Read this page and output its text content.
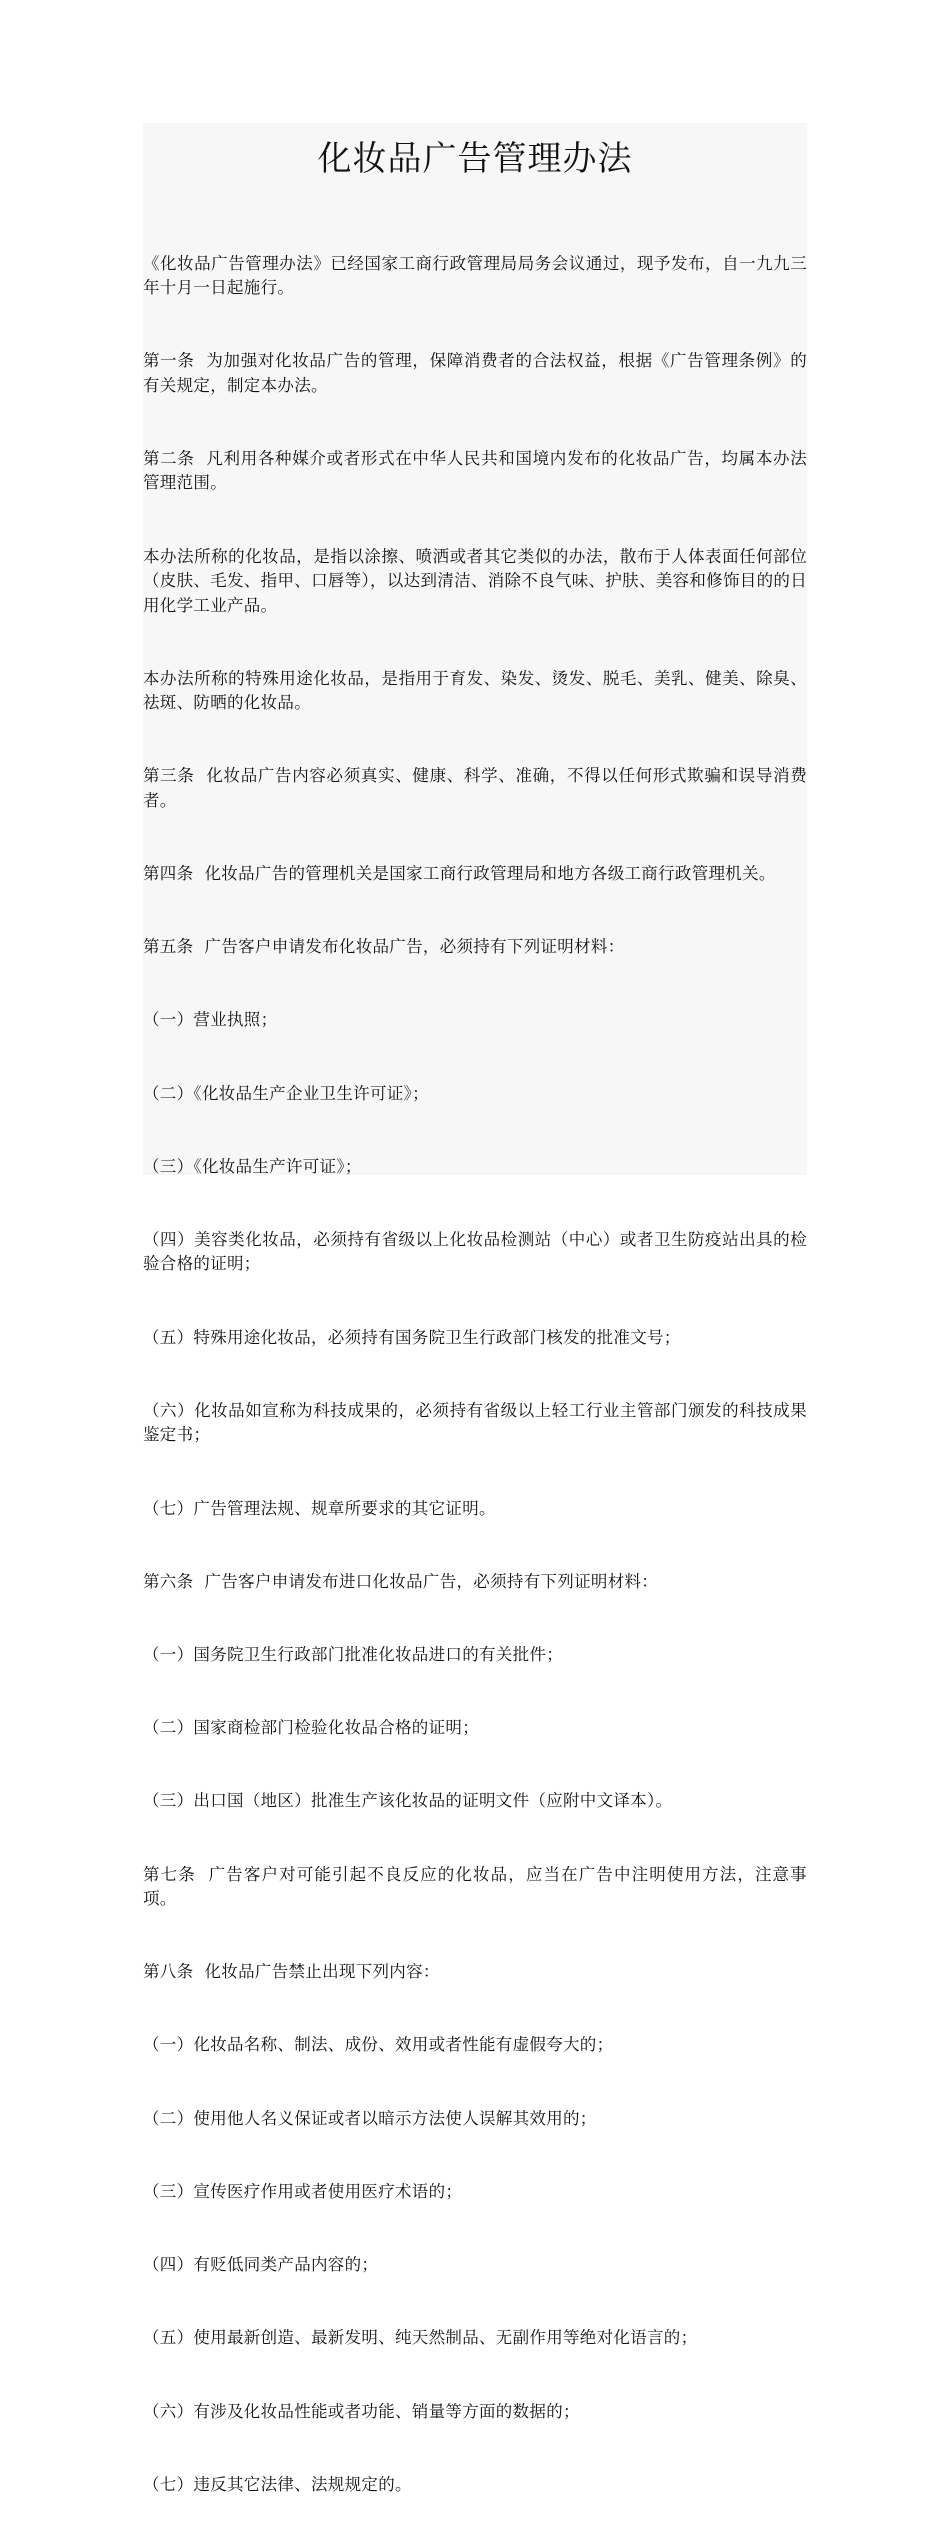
化妆品广告管理办法

《化妆品广告管理办法》已经国家工商行政管理局局务会议通过，现予发布，自一九九三年十月一日起施行。

第一条  为加强对化妆品广告的管理，保障消费者的合法权益，根据《广告管理条例》的有关规定，制定本办法。

第二条  凡利用各种媒介或者形式在中华人民共和国境内发布的化妆品广告，均属本办法管理范围。

本办法所称的化妆品，是指以涂擦、喷洒或者其它类似的办法，散布于人体表面任何部位（皮肤、毛发、指甲、口唇等），以达到清洁、消除不良气味、护肤、美容和修饰目的的日用化学工业产品。

本办法所称的特殊用途化妆品，是指用于育发、染发、烫发、脱毛、美乳、健美、除臭、祛斑、防晒的化妆品。

第三条  化妆品广告内容必须真实、健康、科学、准确，不得以任何形式欺骗和误导消费者。

第四条  化妆品广告的管理机关是国家工商行政管理局和地方各级工商行政管理机关。

第五条  广告客户申请发布化妆品广告，必须持有下列证明材料：

（一）营业执照；

（二）《化妆品生产企业卫生许可证》；

（三）《化妆品生产许可证》；

（四）美容类化妆品，必须持有省级以上化妆品检测站（中心）或者卫生防疫站出具的检验合格的证明；

（五）特殊用途化妆品，必须持有国务院卫生行政部门核发的批准文号；

（六）化妆品如宣称为科技成果的，必须持有省级以上轻工行业主管部门颁发的科技成果鉴定书；

（七）广告管理法规、规章所要求的其它证明。

第六条  广告客户申请发布进口化妆品广告，必须持有下列证明材料：

（一）国务院卫生行政部门批准化妆品进口的有关批件；

（二）国家商检部门检验化妆品合格的证明；

（三）出口国（地区）批准生产该化妆品的证明文件（应附中文译本）。

第七条  广告客户对可能引起不良反应的化妆品，应当在广告中注明使用方法，注意事项。

第八条  化妆品广告禁止出现下列内容：

（一）化妆品名称、制法、成份、效用或者性能有虚假夸大的；

（二）使用他人名义保证或者以暗示方法使人误解其效用的；

（三）宣传医疗作用或者使用医疗术语的；

（四）有贬低同类产品内容的；

（五）使用最新创造、最新发明、纯天然制品、无副作用等绝对化语言的；

（六）有涉及化妆品性能或者功能、销量等方面的数据的；

（七）违反其它法律、法规规定的。
